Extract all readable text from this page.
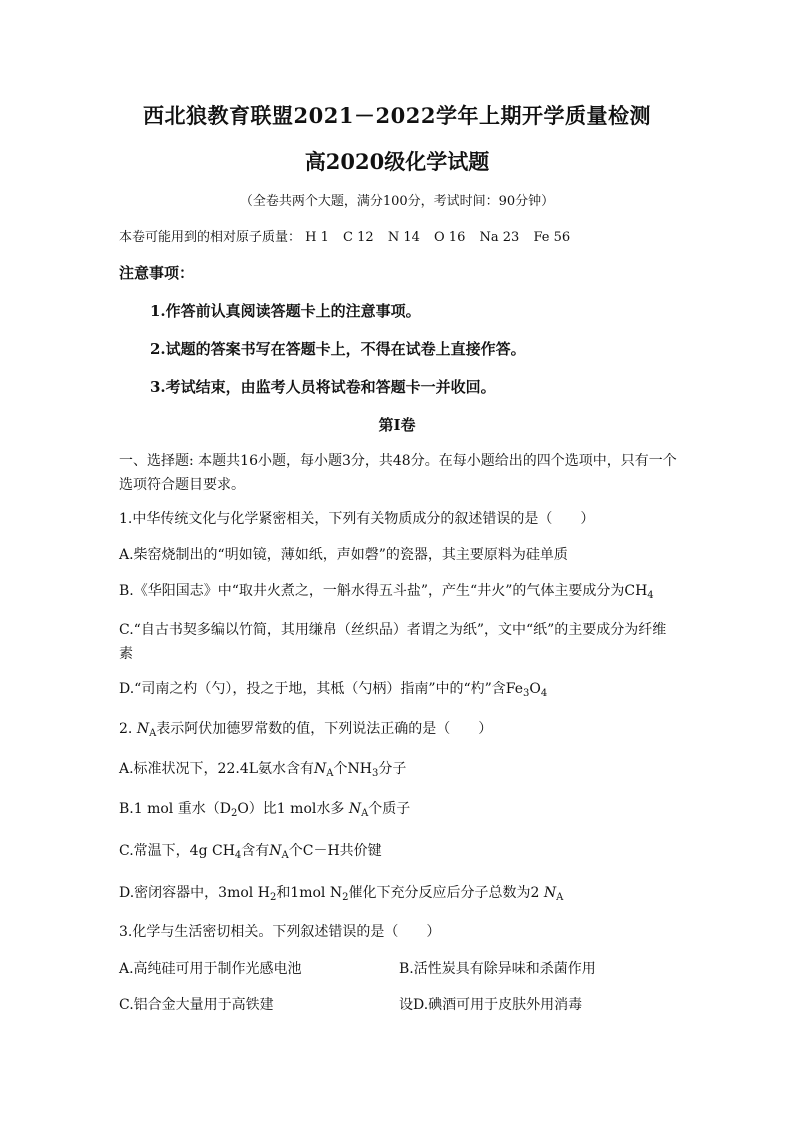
西北狼教育联盟2021－2022学年上期开学质量检测
高2020级化学试题
（全卷共两个大题，满分100分，考试时间：90分钟）
本卷可能用到的相对原子质量： H 1 C 12 N 14 O 16 Na 23 Fe 56
注意事项：
1.作答前认真阅读答题卡上的注意事项。
2.试题的答案书写在答题卡上，不得在试卷上直接作答。
3.考试结束，由监考人员将试卷和答题卡一并收回。
第I卷
一、选择题: 本题共16小题，每小题3分，共48分。在每小题给出的四个选项中，只有一个选项符合题目要求。
1.中华传统文化与化学紧密相关，下列有关物质成分的叙述错误的是（　　）
A.柴窑烧制出的“明如镜，薄如纸，声如磬”的瓷器，其主要原料为硅单质
B.《华阳国志》中“取井火煮之，一斛水得五斗盐”，产生“井火”的气体主要成分为$CH_4$
C.“自古书契多编以竹简，其用缣帛（丝织品）者谓之为纸”，文中“纸”的主要成分为纤维素
D.“司南之杓（勺），投之于地，其柢（勺柄）指南”中的“杓”含$Fe_3O_4$
2. $N_A$表示阿伏加德罗常数的值，下列说法正确的是（　　）
A.标准状况下，22.4L氨水含有$N_A$个$NH_3$分子
B.1 mol 重水$(D_2O)$比1 mol水多 $N_A$个质子
C.常温下，4g $CH_4$含有$N_A$个C－H共价键
D.密闭容器中，3mol $H_2$和1mol $N_2$催化下充分反应后分子总数为2 $N_A$
3.化学与生活密切相关。下列叙述错误的是（　　）
A.高纯硅可用于制作光感电池	B.活性炭具有除异味和杀菌作用
C.铝合金大量用于高铁建	设D.碘酒可用于皮肤外用消毒
